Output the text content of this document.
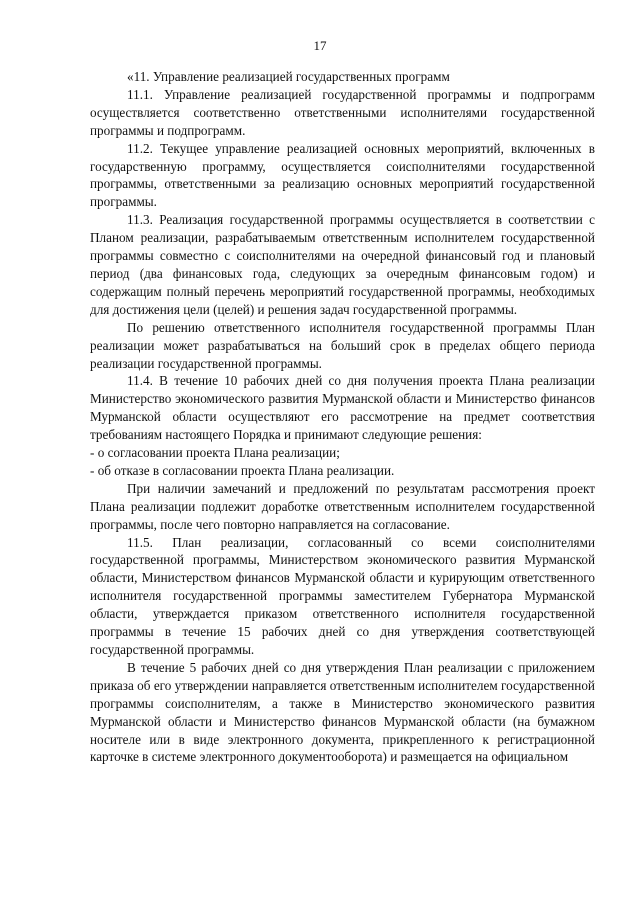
17

«11. Управление реализацией государственных программ

11.1. Управление реализацией государственной программы и подпрограмм осуществляется соответственно ответственными исполнителями государственной программы и подпрограмм.

11.2. Текущее управление реализацией основных мероприятий, включенных в государственную программу, осуществляется соисполнителями государственной программы, ответственными за реализацию основных мероприятий государственной программы.

11.3. Реализация государственной программы осуществляется в соответствии с Планом реализации, разрабатываемым ответственным исполнителем государственной программы совместно с соисполнителями на очередной финансовый год и плановый период (два финансовых года, следующих за очередным финансовым годом) и содержащим полный перечень мероприятий государственной программы, необходимых для достижения цели (целей) и решения задач государственной программы.

По решению ответственного исполнителя государственной программы План реализации может разрабатываться на больший срок в пределах общего периода реализации государственной программы.

11.4. В течение 10 рабочих дней со дня получения проекта Плана реализации Министерство экономического развития Мурманской области и Министерство финансов Мурманской области осуществляют его рассмотрение на предмет соответствия требованиям настоящего Порядка и принимают следующие решения:

- о согласовании проекта Плана реализации;

- об отказе в согласовании проекта Плана реализации.

При наличии замечаний и предложений по результатам рассмотрения проект Плана реализации подлежит доработке ответственным исполнителем государственной программы, после чего повторно направляется на согласование.

11.5. План реализации, согласованный со всеми соисполнителями государственной программы, Министерством экономического развития Мурманской области, Министерством финансов Мурманской области и курирующим ответственного исполнителя государственной программы заместителем Губернатора Мурманской области, утверждается приказом ответственного исполнителя государственной программы в течение 15 рабочих дней со дня утверждения соответствующей государственной программы.

В течение 5 рабочих дней со дня утверждения План реализации с приложением приказа об его утверждении направляется ответственным исполнителем государственной программы соисполнителям, а также в Министерство экономического развития Мурманской области и Министерство финансов Мурманской области (на бумажном носителе или в виде электронного документа, прикрепленного к регистрационной карточке в системе электронного документооборота) и размещается на официальном
